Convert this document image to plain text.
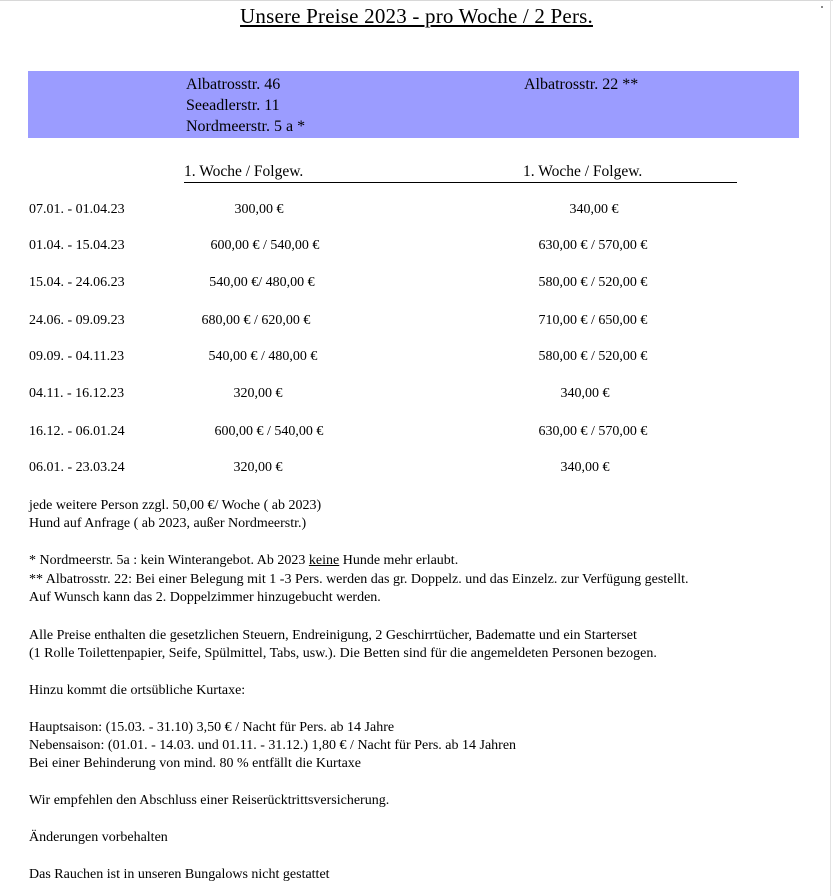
Unsere Preise 2023 - pro Woche / 2 Pers.
Albatrosstr. 46
Seeadlerstr. 11
Nordmeerstr. 5 a *
Albatrosstr. 22 **
1. Woche / Folgew.	1. Woche / Folgew.
07.01. - 01.04.23	300,00 €	340,00 €
01.04. - 15.04.23	600,00 € / 540,00 €	630,00 € / 570,00 €
15.04. - 24.06.23	540,00 €/ 480,00 €	580,00 € / 520,00 €
24.06. - 09.09.23	680,00 € / 620,00 €	710,00 € / 650,00 €
09.09. - 04.11.23	540,00 € / 480,00 €	580,00 € / 520,00 €
04.11. - 16.12.23	320,00 €	340,00 €
16.12. - 06.01.24	600,00 € / 540,00 €	630,00 € / 570,00 €
06.01. - 23.03.24	320,00 €	340,00 €
jede weitere Person zzgl. 50,00 €/ Woche ( ab 2023)
Hund auf Anfrage ( ab 2023, außer Nordmeerstr.)
* Nordmeerstr. 5a : kein Winterangebot. Ab 2023 keine Hunde mehr erlaubt.
** Albatrosstr. 22: Bei einer Belegung mit 1 -3 Pers. werden das gr. Doppelz. und das Einzelz. zur Verfügung gestellt.
Auf Wunsch kann das 2. Doppelzimmer hinzugebucht werden.
Alle Preise enthalten die gesetzlichen Steuern, Endreinigung, 2 Geschirrtücher, Badematte und ein Starterset
(1 Rolle Toilettenpapier, Seife, Spülmittel, Tabs, usw.). Die Betten sind für die angemeldeten Personen bezogen.
Hinzu kommt die ortsübliche Kurtaxe:
Hauptsaison: (15.03. - 31.10) 3,50 € / Nacht für Pers. ab 14 Jahre
Nebensaison: (01.01. - 14.03. und 01.11. - 31.12.) 1,80 € / Nacht für Pers. ab 14 Jahren
Bei einer Behinderung von mind. 80 % entfällt die Kurtaxe
Wir empfehlen den Abschluss einer Reiserücktrittsversicherung.
Änderungen vorbehalten
Das Rauchen ist in unseren Bungalows nicht gestattet
